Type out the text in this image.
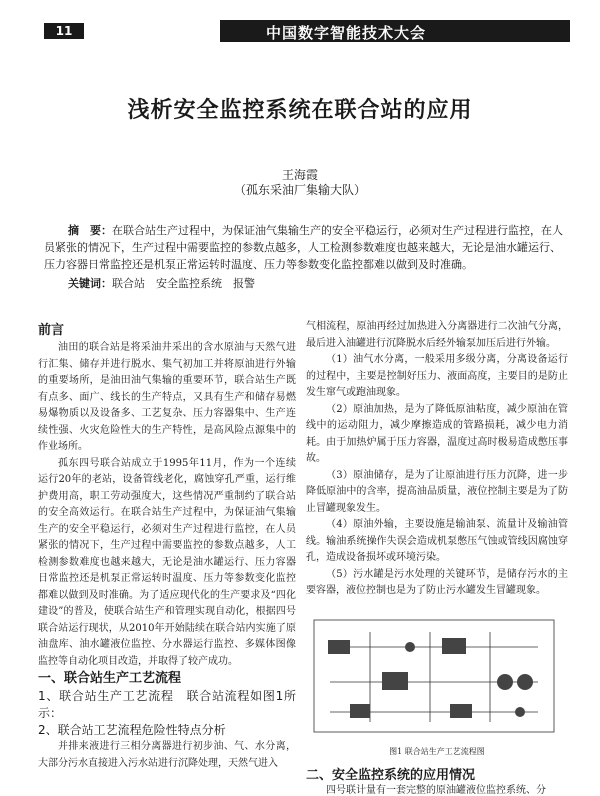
11	中国数字智能技术大会
浅析安全监控系统在联合站的应用
王海霞
（孤东采油厂集输大队）
摘　要：在联合站生产过程中，为保证油气集输生产的安全平稳运行，必须对生产过程进行监控，在人员紧张的情况下，生产过程中需要监控的参数点越多，人工检测参数难度也越来越大，无论是油水罐运行、压力容器日常监控还是机泵正常运转时温度、压力等参数变化监控都难以做到及时准确。
关键词：联合站　安全监控系统　报警

前言

油田的联合站是将采油井采出的含水原油与天然气进行汇集、储存并进行脱水、集气初加工并将原油进行外输的重要场所，是油田油气集输的重要环节，联合站生产既有点多、面广、线长的生产特点，又具有生产和储存易燃易爆物质以及设备多、工艺复杂、压力容器集中、生产连续性强、火灾危险性大的生产特性，是高风险点源集中的作业场所。

孤东四号联合站成立于1995年11月，作为一个连续运行20年的老站，设备管线老化，腐蚀穿孔严重，运行维护费用高，职工劳动强度大，这些情况严重制约了联合站的安全高效运行。在联合站生产过程中，为保证油气集输生产的安全平稳运行，必须对生产过程进行监控，在人员紧张的情况下，生产过程中需要监控的参数点越多，人工检测参数难度也越来越大，无论是油水罐运行、压力容器日常监控还是机泵正常运转时温度、压力等参数变化监控都难以做到及时准确。为了适应现代化的生产要求及“四化建设”的普及，使联合站生产和管理实现自动化，根据四号联合站运行现状，从2010年开始陆续在联合站内实施了原油盘库、油水罐液位监控、分水器运行监控、多媒体图像监控等自动化项目改造，并取得了较产成功。

一、联合站生产工艺流程

1、联合站生产工艺流程　联合站流程如图1所示：

2、联合站工艺流程危险性特点分析

并排来液进行三相分离器进行初步油、气、水分离，大部分污水直接进入污水站进行沉降处理，天然气进入

气相流程，原油再经过加热进入分离器进行二次油气分离，最后进入油罐进行沉降脱水后经外输泵加压后进行外输。

（1）油气水分离，一般采用多级分离，分离设备运行的过程中，主要是控制好压力、液面高度，主要目的是防止发生窜气或跑油现象。

（2）原油加热，是为了降低原油粘度，减少原油在管线中的运动阻力，减少摩擦造成的管路损耗，减少电力消耗。由于加热炉属于压力容器，温度过高时极易造成憋压事故。

（3）原油储存，是为了让原油进行压力沉降，进一步降低原油中的含率，提高油品质量，液位控制主要是为了防止冒罐现象发生。

（4）原油外输，主要设施是输油泵、流量计及输油管线。输油系统操作失误会造成机泵憋压气蚀或管线因腐蚀穿孔，造成设备损坏或环境污染。

（5）污水罐是污水处理的关键环节，是储存污水的主要容器，液位控制也是为了防止污水罐发生冒罐现象。

图1 联合站生产工艺流程图
二、安全监控系统的应用情况
四号联计量有一套完整的原油罐液位监控系统、分
